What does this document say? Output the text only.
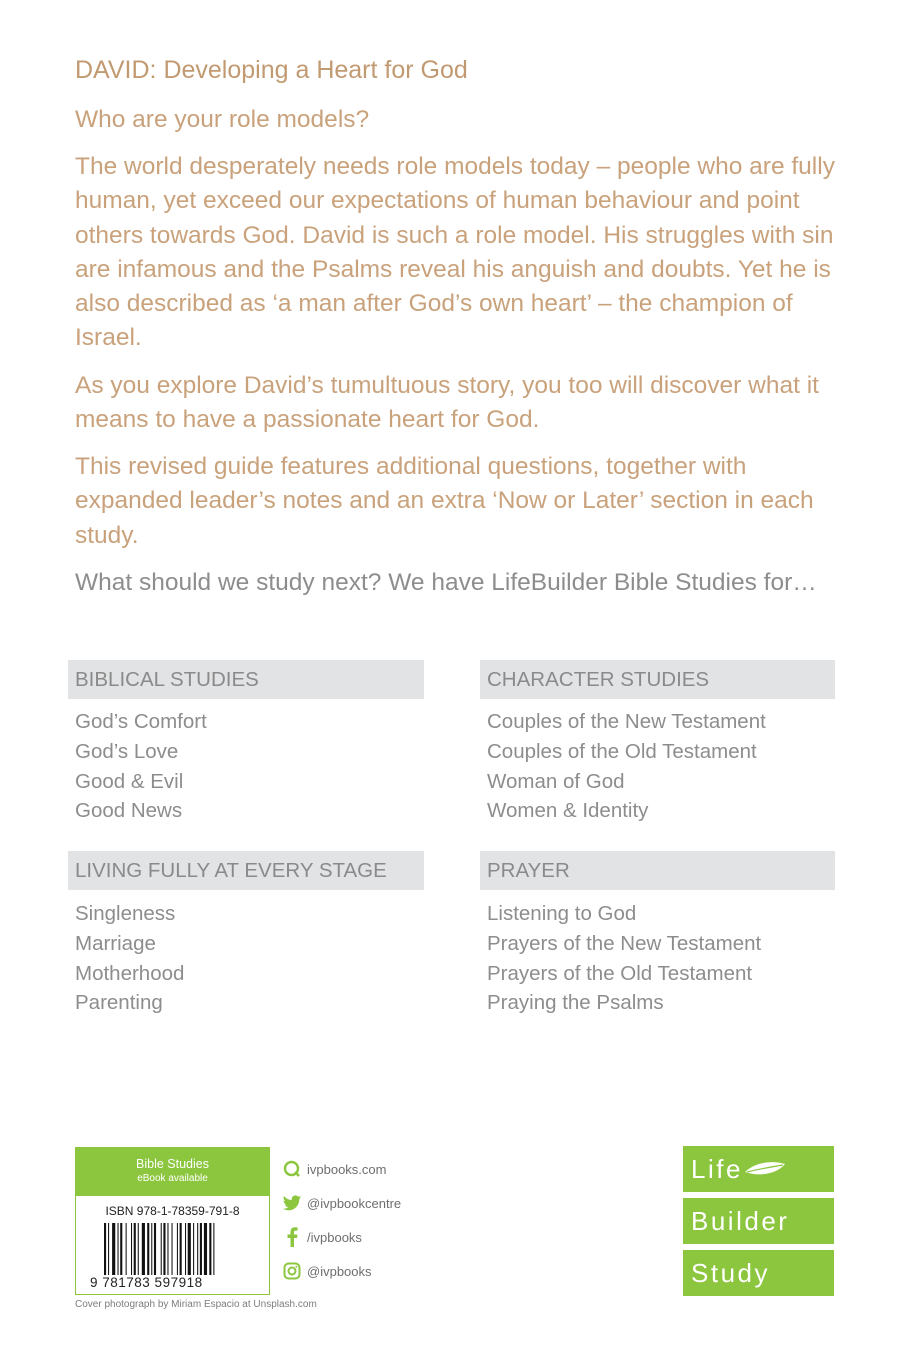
DAVID: Developing a Heart for God

Who are your role models?

The world desperately needs role models today – people who are fully human, yet exceed our expectations of human behaviour and point others towards God. David is such a role model. His struggles with sin are infamous and the Psalms reveal his anguish and doubts. Yet he is also described as ‘a man after God’s own heart’ – the champion of Israel.

As you explore David’s tumultuous story, you too will discover what it means to have a passionate heart for God.

This revised guide features additional questions, together with expanded leader’s notes and an extra ‘Now or Later’ section in each study.

What should we study next? We have LifeBuilder Bible Studies for…

BIBLICAL STUDIES
God’s Comfort
God’s Love
Good & Evil
Good News
CHARACTER STUDIES
Couples of the New Testament
Couples of the Old Testament
Woman of God
Women & Identity
LIVING FULLY AT EVERY STAGE
Singleness
Marriage
Motherhood
Parenting
PRAYER
Listening to God
Prayers of the New Testament
Prayers of the Old Testament
Praying the Psalms
Bible Studies
eBook available
ISBN 978-1-78359-791-8
9 781783 597918
ivpbooks.com
@ivpbookcentre
/ivpbooks
@ivpbooks
Cover photograph by Miriam Espacio at Unsplash.com
Life
Builder
Study
